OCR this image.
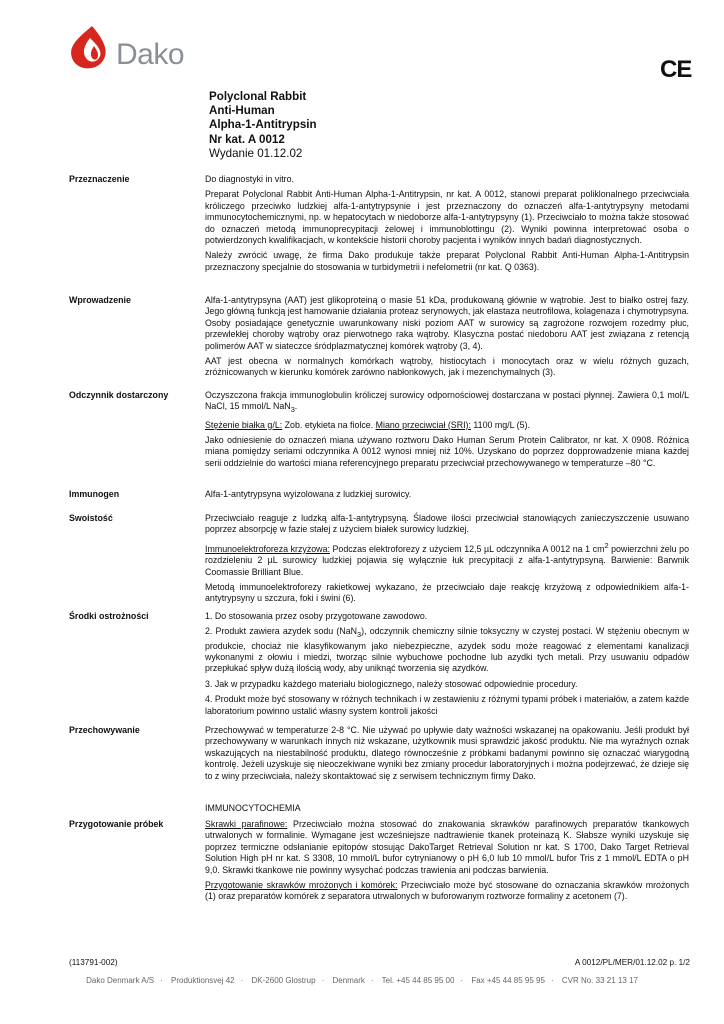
Dako	CE
Polyclonal Rabbit
Anti-Human
Alpha-1-Antitrypsin
Nr kat. A 0012
Wydanie 01.12.02
Przeznaczenie	Do diagnostyki in vitro.

Preparat Polyclonal Rabbit Anti-Human Alpha-1-Antitrypsin, nr kat. A 0012, stanowi preparat poliklonalnego przeciwciała króliczego przeciwko ludzkiej alfa-1-antytrypsynie i jest przeznaczony do oznaczeń alfa-1-antytrypsyny metodami immunocytochemicznymi, np. w hepatocytach w niedoborze alfa-1-antytrypsyny (1). Przeciwciało to można także stosować do oznaczeń metodą immunoprecypitacji żelowej i immunoblottingu (2). Wyniki powinna interpretować osoba o potwierdzonych kwalifikacjach, w kontekście historii choroby pacjenta i wyników innych badań diagnostycznych.

Należy zwrócić uwagę, że firma Dako produkuje także preparat Polyclonal Rabbit Anti-Human Alpha-1-Antitrypsin przeznaczony specjalnie do stosowania w turbidymetrii i nefelometrii (nr kat. Q 0363).

Wprowadzenie	Alfa-1-antytrypsyna (AAT) jest glikoproteiną o masie 51 kDa, produkowaną głównie w wątrobie. Jest to białko ostrej fazy. Jego główną funkcją jest hamowanie działania proteaz serynowych, jak elastaza neutrofilowa, kolagenaza i chymotrypsyna. Osoby posiadające genetycznie uwarunkowany niski poziom AAT w surowicy są zagrożone rozwojem rozedmy płuc, przewlekłej choroby wątroby oraz pierwotnego raka wątroby. Klasyczna postać niedoboru AAT jest związana z retencją polimerów AAT w siateczce śródplazmatycznej komórek wątroby (3, 4).

AAT jest obecna w normalnych komórkach wątroby, histiocytach i monocytach oraz w wielu różnych guzach, zróżnicowanych w kierunku komórek zarówno nabłonkowych, jak i mezenchymalnych (3).

Odczynnik dostarczony	Oczyszczona frakcja immunoglobulin króliczej surowicy odpornościowej dostarczana w postaci płynnej. Zawiera 0,1 mol/L NaCl, 15 mmol/L NaN$_3$.

Stężenie białka g/L: Zob. etykieta na fiolce. Miano przeciwciał (SRI): 1100 mg/L (5).

Jako odniesienie do oznaczeń miana używano roztworu Dako Human Serum Protein Calibrator, nr kat. X 0908. Różnica miana pomiędzy seriami odczynnika A 0012 wynosi mniej niż 10%. Uzyskano do poprzez dopprowadzenie miana każdej serii oddzielnie do wartości miana referencyjnego preparatu przeciwciał przechowywanego w temperaturze –80 °C.

Immunogen	Alfa-1-antytrypsyna wyizolowana z ludzkiej surowicy.

Swoistość	Przeciwciało reaguje z ludzką alfa-1-antytrypsyną. Śladowe ilości przeciwciał stanowiących zanieczyszczenie usuwano poprzez absorpcję w fazie stałej z użyciem białek surowicy ludzkiej.

Immunoelektroforeza krzyżowa: Podczas elektroforezy z użyciem 12,5 µL odczynnika A 0012 na 1 $cm^2$ powierzchni żelu po rozdzieleniu 2 µL surowicy ludzkiej pojawia się wyłącznie łuk precypitacji z alfa-1-antytrypsyną. Barwienie: Barwnik Coomassie Brilliant Blue.

Metodą immunoelektroforezy rakietkowej wykazano, że przeciwciało daje reakcję krzyżową z odpowiednikiem alfa-1-antytrypsyny u szczura, foki i świni (6).

Środki ostrożności	1. Do stosowania przez osoby przygotowane zawodowo.

2. Produkt zawiera azydek sodu (NaN$_3$), odczynnik chemiczny silnie toksyczny w czystej postaci. W stężeniu obecnym w produkcie, chociaż nie klasyfikowanym jako niebezpieczne, azydek sodu może reagować z elementami kanalizacji wykonanymi z ołowiu i miedzi, tworząc silnie wybuchowe pochodne lub azydki tych metali. Przy usuwaniu odpadów przepłukać spływ dużą ilością wody, aby uniknąć tworzenia się azydków.

3. Jak w przypadku każdego materiału biologicznego, należy stosować odpowiednie procedury.

4. Produkt może być stosowany w różnych technikach i w zestawieniu z różnymi typami próbek i materiałów, a zatem każde laboratorium powinno ustalić własny system kontroli jakości

Przechowywanie	Przechowywać w temperaturze 2-8 °C. Nie używać po upływie daty ważności wskazanej na opakowaniu. Jeśli produkt był przechowywany w warunkach innych niż wskazane, użytkownik musi sprawdzić jakość produktu. Nie ma wyraźnych oznak wskazujących na niestabilność produktu, dlatego równocześnie z próbkami badanymi powinno się oznaczać wiarygodną kontrolę. Jeżeli uzyskuje się nieoczekiwane wyniki bez zmiany procedur laboratoryjnych i można podejrzewać, że dzieje się to z winy przeciwciała, należy skontaktować się z serwisem technicznym firmy Dako.

IMMUNOCYTOCHEMIA
Przygotowanie próbek	Skrawki parafinowe: Przeciwciało można stosować do znakowania skrawków parafinowych preparatów tkankowych utrwalonych w formalinie. Wymagane jest wcześniejsze nadtrawienie tkanek proteinazą K. Słabsze wyniki uzyskuje się poprzez termiczne odsłanianie epitopów stosując DakoTarget Retrieval Solution nr kat. S 1700, Dako Target Retrieval Solution High pH nr kat. S 3308, 10 mmol/L bufor cytrynianowy o pH 6,0 lub 10 mmol/L bufor Tris z 1 mmol/L EDTA o pH 9,0. Skrawki tkankowe nie powinny wysychać podczas trawienia ani podczas barwienia.

Przygotowanie skrawków mrożonych i komórek: Przeciwciało może być stosowane do oznaczania skrawków mrożonych (1) oraz preparatów komórek z separatora utrwalonych w buforowanym roztworze formaliny z acetonem (7).

(113791-002)	A 0012/PL/MER/01.12.02 p. 1/2
Dako Denmark A/S · Produktionsvej 42 · DK-2600 Glostrup · Denmark · Tel. +45 44 85 95 00 · Fax +45 44 85 95 95 · CVR No. 33 21 13 17
